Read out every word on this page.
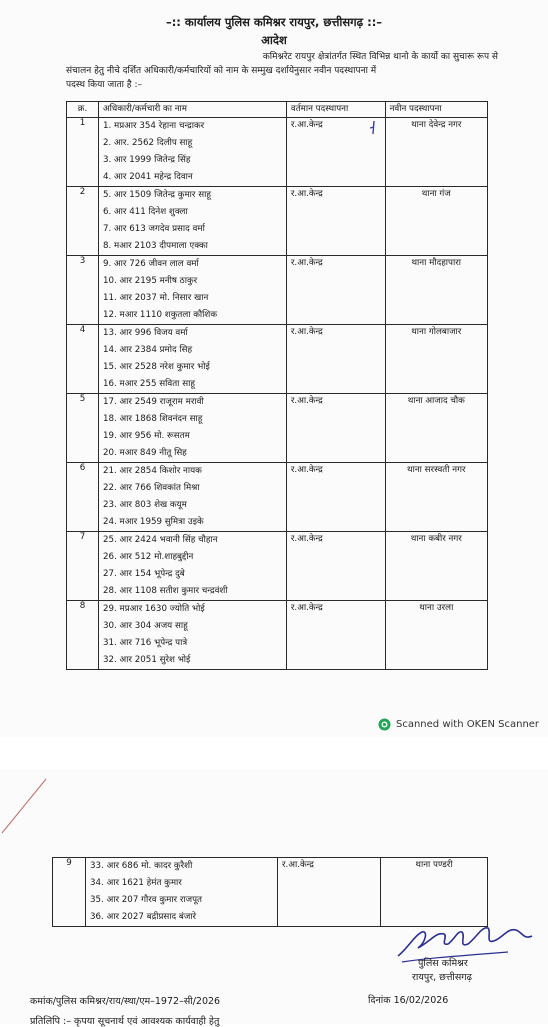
–:: कार्यालय पुलिस कमिश्नर रायपुर, छत्तीसगढ़ ::–
आदेश
कमिश्नरेट रायपुर क्षेत्रांतर्गत स्थित विभिन्न थानो के कार्यो का सुचारू रूप से
संचालन हेतु नीचे दर्शित अधिकारी/कर्मचारियों को नाम के सम्मुख दर्शायेनुसार नवीन पदस्थापना में
पदस्थ किया जाता है :–
क्र.	अधिकारी/कर्मचारी का नाम	वर्तमान पदस्थापना	नवीन पदस्थापना
1	1. मप्रआर 354 रेहाना चन्द्राकर
2. आर. 2562 दिलीप साहू
3. आर 1999 जितेन्द्र सिंह
4. आर 2041 महेन्द्र दिवान	र.आ.केन्द्र	थाना देवेन्द्र नगर
2	5. आर 1509 जितेन्द्र कुमार साहू
6. आर 411 दिनेश शुक्ला
7. आर 613 जगदेव प्रसाद वर्मा
8. मआर 2103 दीपमाला एक्का	र.आ.केन्द्र	थाना गंज
3	9. आर 726 जीवन लाल वर्मा
10. आर 2195 मनीष ठाकुर
11. आर 2037 मो. निसार खान
12. मआर 1110 शकुतला कौशिक	र.आ.केन्द्र	थाना मौदहापारा
4	13. आर 996 विजय वर्मा
14. आर 2384 प्रमोद सिह
15. आर 2528 नरेश कुमार भोई
16. मआर 255 सविता साहू	र.आ.केन्द्र	थाना गोलबाजार
5	17. आर 2549 राजूराम मरावी
18. आर 1868 शिवनंदन साहू
19. आर 956 मो. रूसतम
20. मआर 849 नीतू सिह	र.आ.केन्द्र	थाना आजाद चौक
6	21. आर 2854 किशोर नायक
22. आर 766 शिवकांत मिश्रा
23. आर 803 शेख कयूम
24. मआर 1959 सुमित्रा उइके	र.आ.केन्द्र	थाना सरस्वती नगर
7	25. आर 2424 भवानी सिंह चौहान
26. आर 512 मो.शाहबुद्दीन
27. आर 154 भूपेन्द्र दुबे
28. आर 1108 सतीश कुमार चन्द्रवंशी	र.आ.केन्द्र	थाना कबीर नगर
8	29. मप्रआर 1630 ज्योति भोई
30. आर 304 अजय साहू
31. आर 716 भूपेन्द्र पात्रे
32. आर 2051 सुरेश भोई	र.आ.केन्द्र	थाना उरला
Scanned with OKEN Scanner
9	33. आर 686 मो. कादर कुरैशी
34. आर 1621 हेमंत कुमार
35. आर 207 गौरव कुमार राजपूत
36. आर 2027 बद्रीप्रसाद बंजारे
	र.आ.केन्द्र	थाना पण्डरी
पुलिस कमिश्नर
रायपुर, छत्तीसगढ़
कमांक/पुलिस कमिश्नर/राय/स्था/एम–1972–सी/2026	दिनांक 16/02/2026
प्रतिलिपि :– कृपया सूचनार्थ एवं आवश्यक कार्यवाही हेतु
